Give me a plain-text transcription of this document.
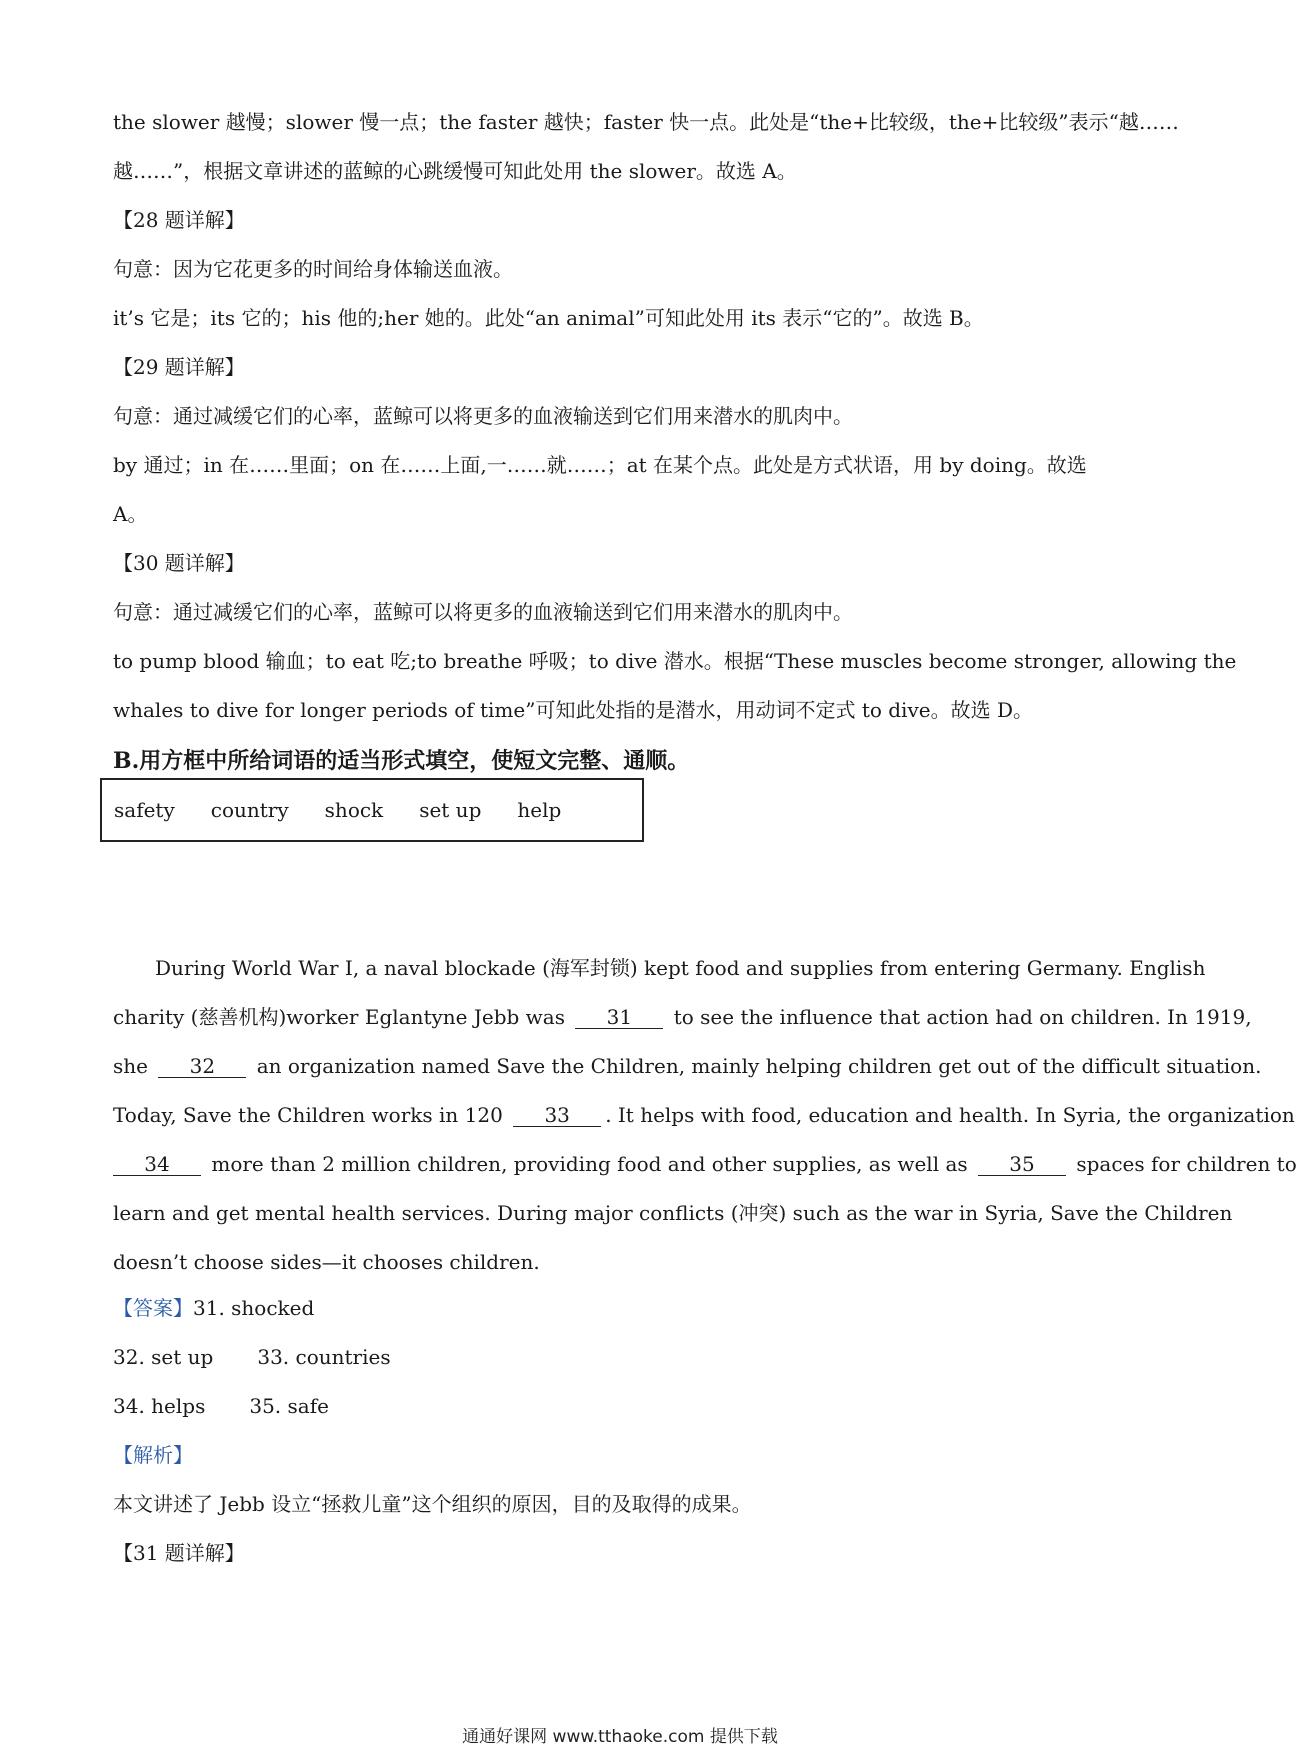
the slower 越慢；slower 慢一点；the faster 越快；faster 快一点。此处是“the+比较级，the+比较级”表示“越……
越……”，根据文章讲述的蓝鲸的心跳缓慢可知此处用 the slower。故选 A。
【28 题详解】
句意：因为它花更多的时间给身体输送血液。
it’s 它是；its 它的；his 他的;her 她的。此处“an animal”可知此处用 its 表示“它的”。故选 B。
【29 题详解】
句意：通过减缓它们的心率，蓝鲸可以将更多的血液输送到它们用来潜水的肌肉中。
by 通过；in 在……里面；on 在……上面,一……就……；at 在某个点。此处是方式状语，用 by doing。故选
A。
【30 题详解】
句意：通过减缓它们的心率，蓝鲸可以将更多的血液输送到它们用来潜水的肌肉中。
to pump blood 输血；to eat 吃;to breathe 呼吸；to dive 潜水。根据“These muscles become stronger, allowing the
whales to dive for longer periods of time”可知此处指的是潜水，用动词不定式 to dive。故选 D。
B.用方框中所给词语的适当形式填空，使短文完整、通顺。
safety country shock set up help
During World War I, a naval blockade (海军封锁) kept food and supplies from entering Germany. English
charity (慈善机构)worker Eglantyne Jebb was 31 to see the influence that action had on children. In 1919,
she 32 an organization named Save the Children, mainly helping children get out of the difficult situation.
Today, Save the Children works in 120 33 . It helps with food, education and health. In Syria, the organization
34 more than 2 million children, providing food and other supplies, as well as 35 spaces for children to
learn and get mental health services. During major conflicts (冲突) such as the war in Syria, Save the Children
doesn’t choose sides—it chooses children.
【答案】31. shocked
32. set up 33. countries
34. helps 35. safe
【解析】
本文讲述了 Jebb 设立“拯救儿童”这个组织的原因，目的及取得的成果。
【31 题详解】
通通好课网 www.tthaoke.com 提供下载
